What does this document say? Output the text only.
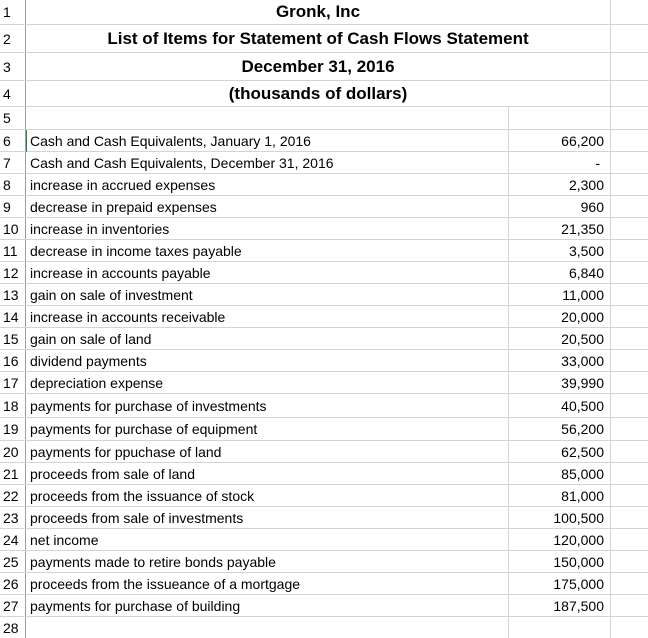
1	Gronk, Inc
2	List of Items for Statement of Cash Flows Statement
3	December 31, 2016
4	(thousands of dollars)
5
6	Cash and Cash Equivalents, January 1, 2016	66,200
7	Cash and Cash Equivalents, December 31, 2016	-
8	increase in accrued expenses	2,300
9	decrease in prepaid expenses	960
10 increase in inventories	21,350
11 decrease in income taxes payable	3,500
12 increase in accounts payable	6,840
13 gain on sale of investment	11,000
14 increase in accounts receivable	20,000
15 gain on sale of land	20,500
16 dividend payments	33,000
17 depreciation expense	39,990
18 payments for purchase of investments	40,500
19 payments for purchase of equipment	56,200
20 payments for ppuchase of land	62,500
21 proceeds from sale of land	85,000
22 proceeds from the issuance of stock	81,000
23 proceeds from sale of investments	100,500
24 net income	120,000
25 payments made to retire bonds payable	150,000
26 proceeds from the issueance of a mortgage	175,000
27 payments for purchase of building	187,500
28
